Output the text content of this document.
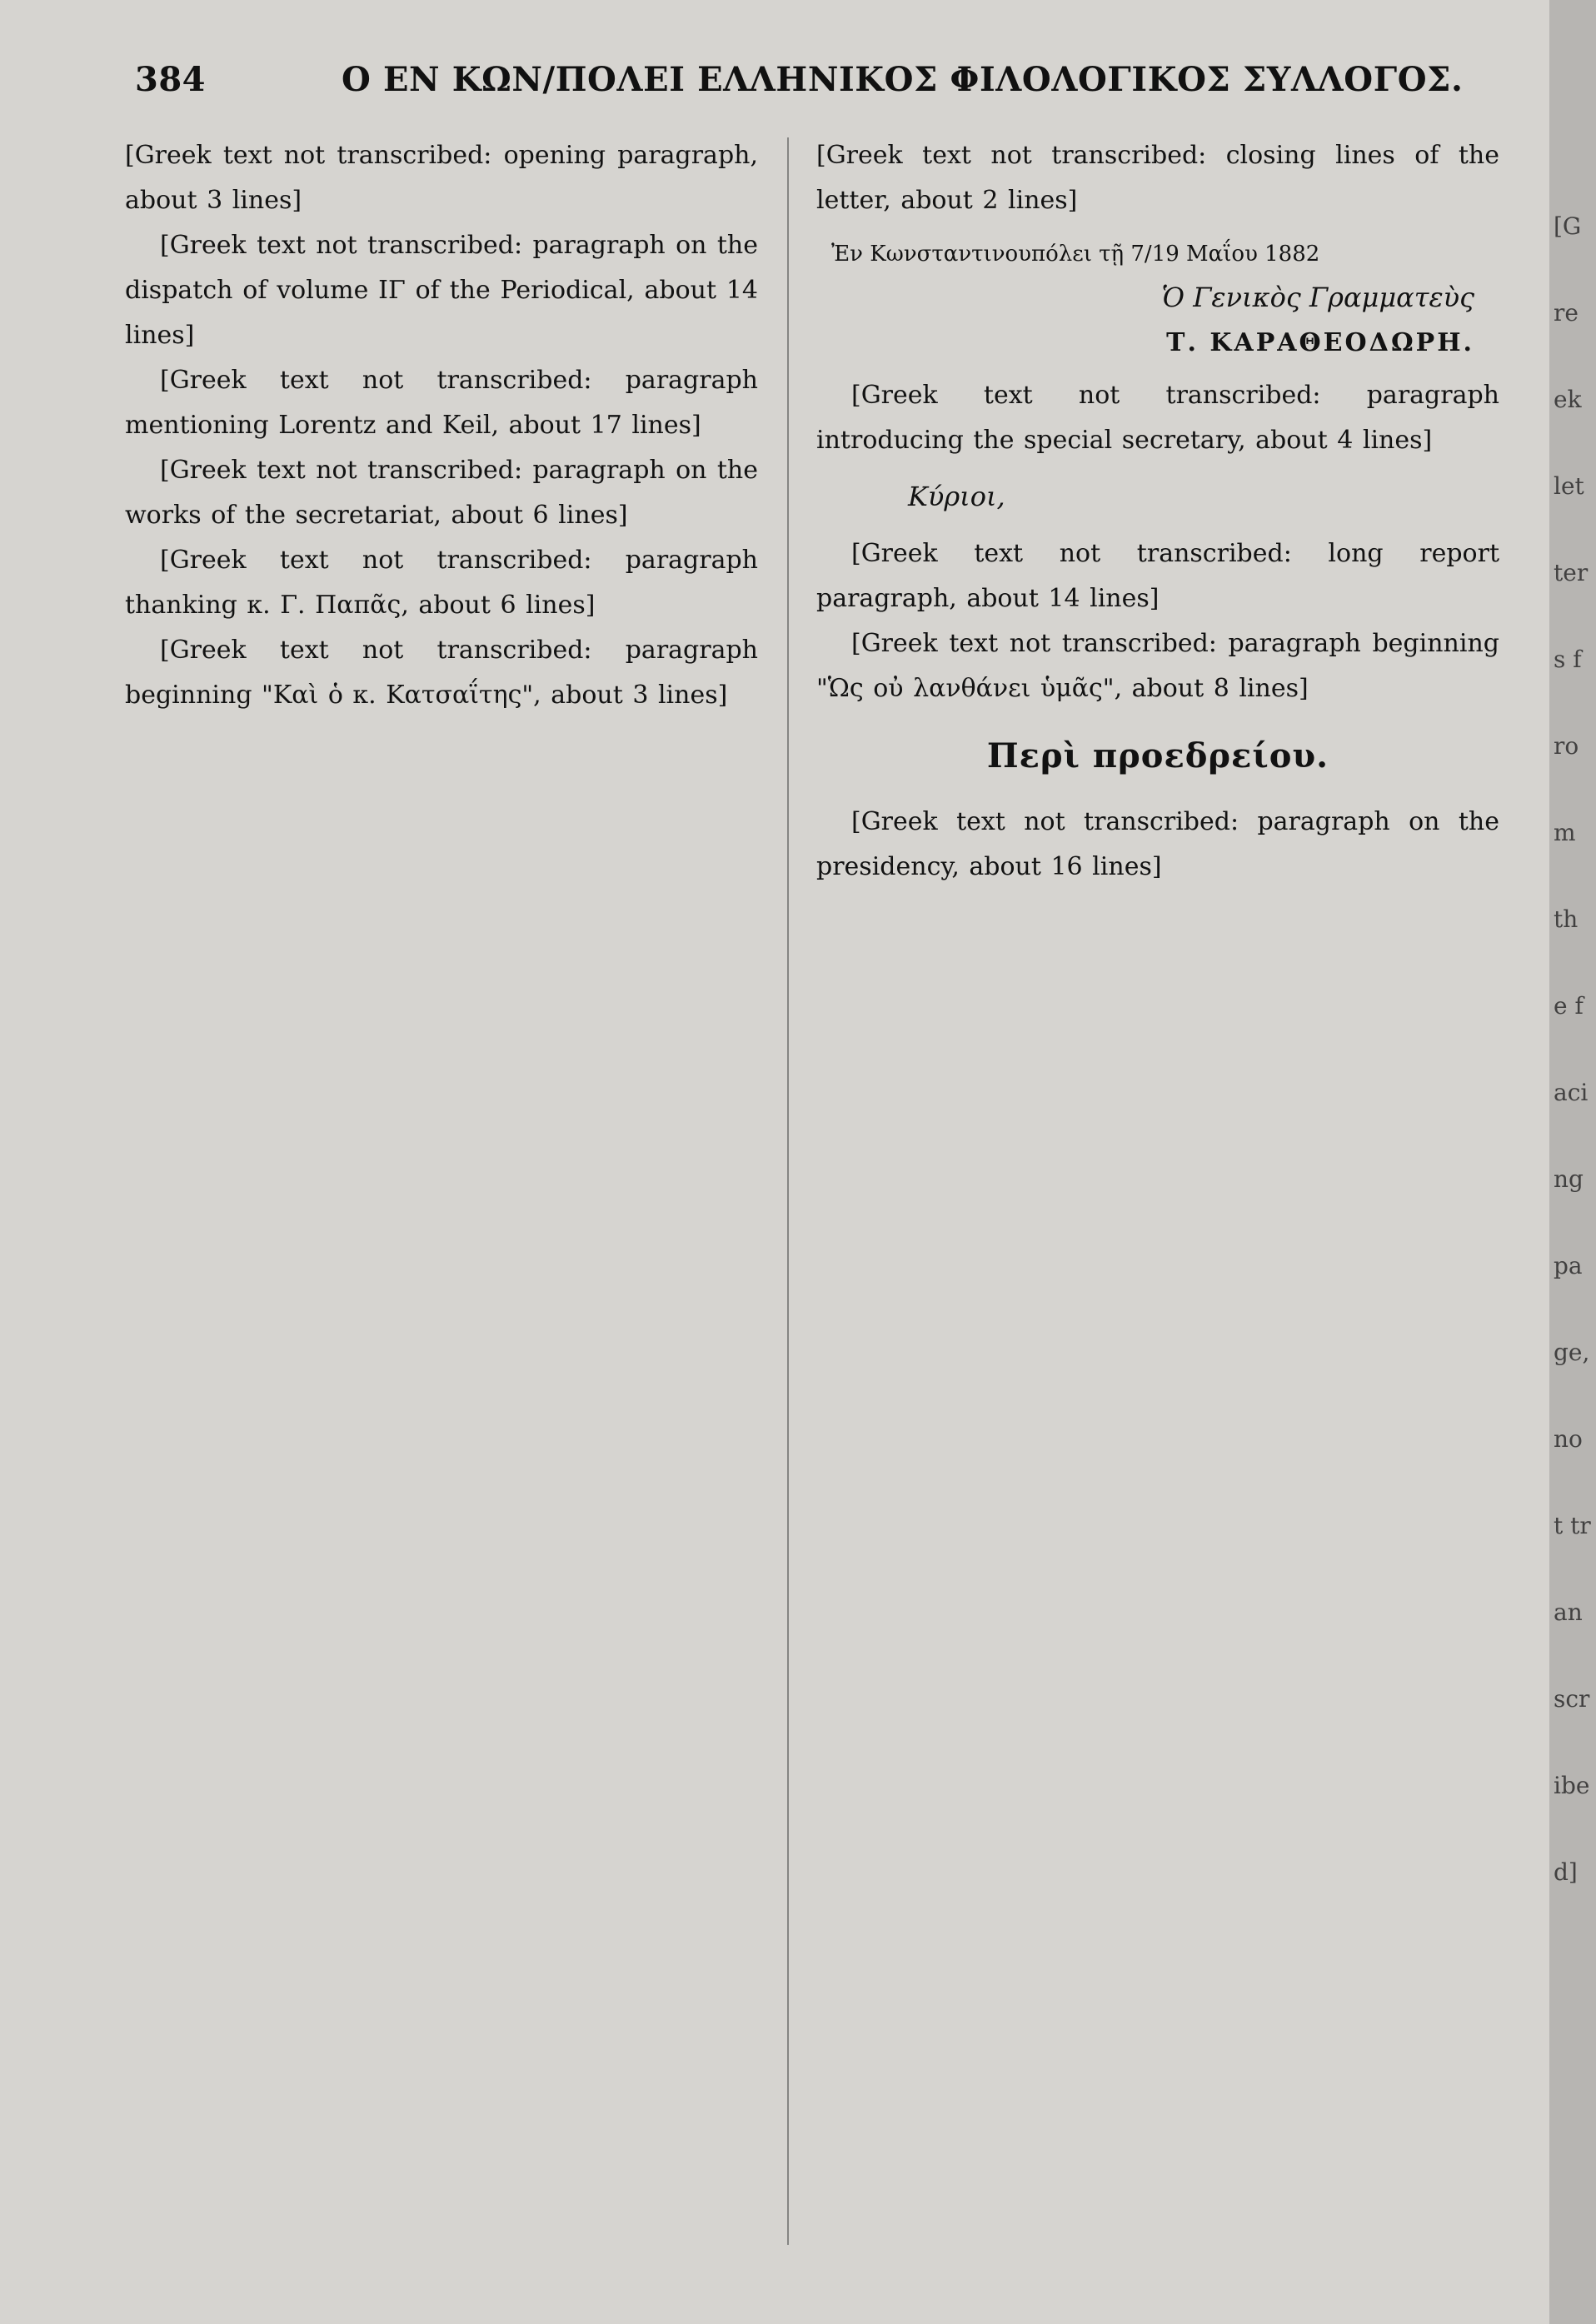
384	Ο ΕΝ ΚΩΝ/ΠΟΛΕΙ ΕΛΛΗΝΙΚΟΣ ΦΙΛΟΛΟΓΙΚΟΣ ΣΥΛΛΟΓΟΣ.

[Greek text not transcribed: opening paragraph, about 3 lines]

[Greek text not transcribed: paragraph on the dispatch of volume IΓ of the Periodical, about 14 lines]

[Greek text not transcribed: paragraph mentioning Lorentz and Keil, about 17 lines]

[Greek text not transcribed: paragraph on the works of the secretariat, about 6 lines]

[Greek text not transcribed: paragraph thanking κ. Γ. Παπᾶς, about 6 lines]

[Greek text not transcribed: paragraph beginning "Καὶ ὁ κ. Κατσαΐτης", about 3 lines]

[Greek text not transcribed: closing lines of the letter, about 2 lines]

Ἐν Κωνσταντινουπόλει τῇ 7/19 Μαΐου 1882

Ὁ Γενικὸς Γραμματεὺς

Τ. ΚΑΡΑΘΕΟΔΩΡΗ.

[Greek text not transcribed: paragraph introducing the special secretary, about 4 lines]

Κύριοι,

[Greek text not transcribed: long report paragraph, about 14 lines]

[Greek text not transcribed: paragraph beginning "Ὡς οὐ λανθάνει ὑμᾶς", about 8 lines]

Περὶ προεδρείου.

[Greek text not transcribed: paragraph on the presidency, about 16 lines]

[Greek letters from the facing page, not transcribed]
